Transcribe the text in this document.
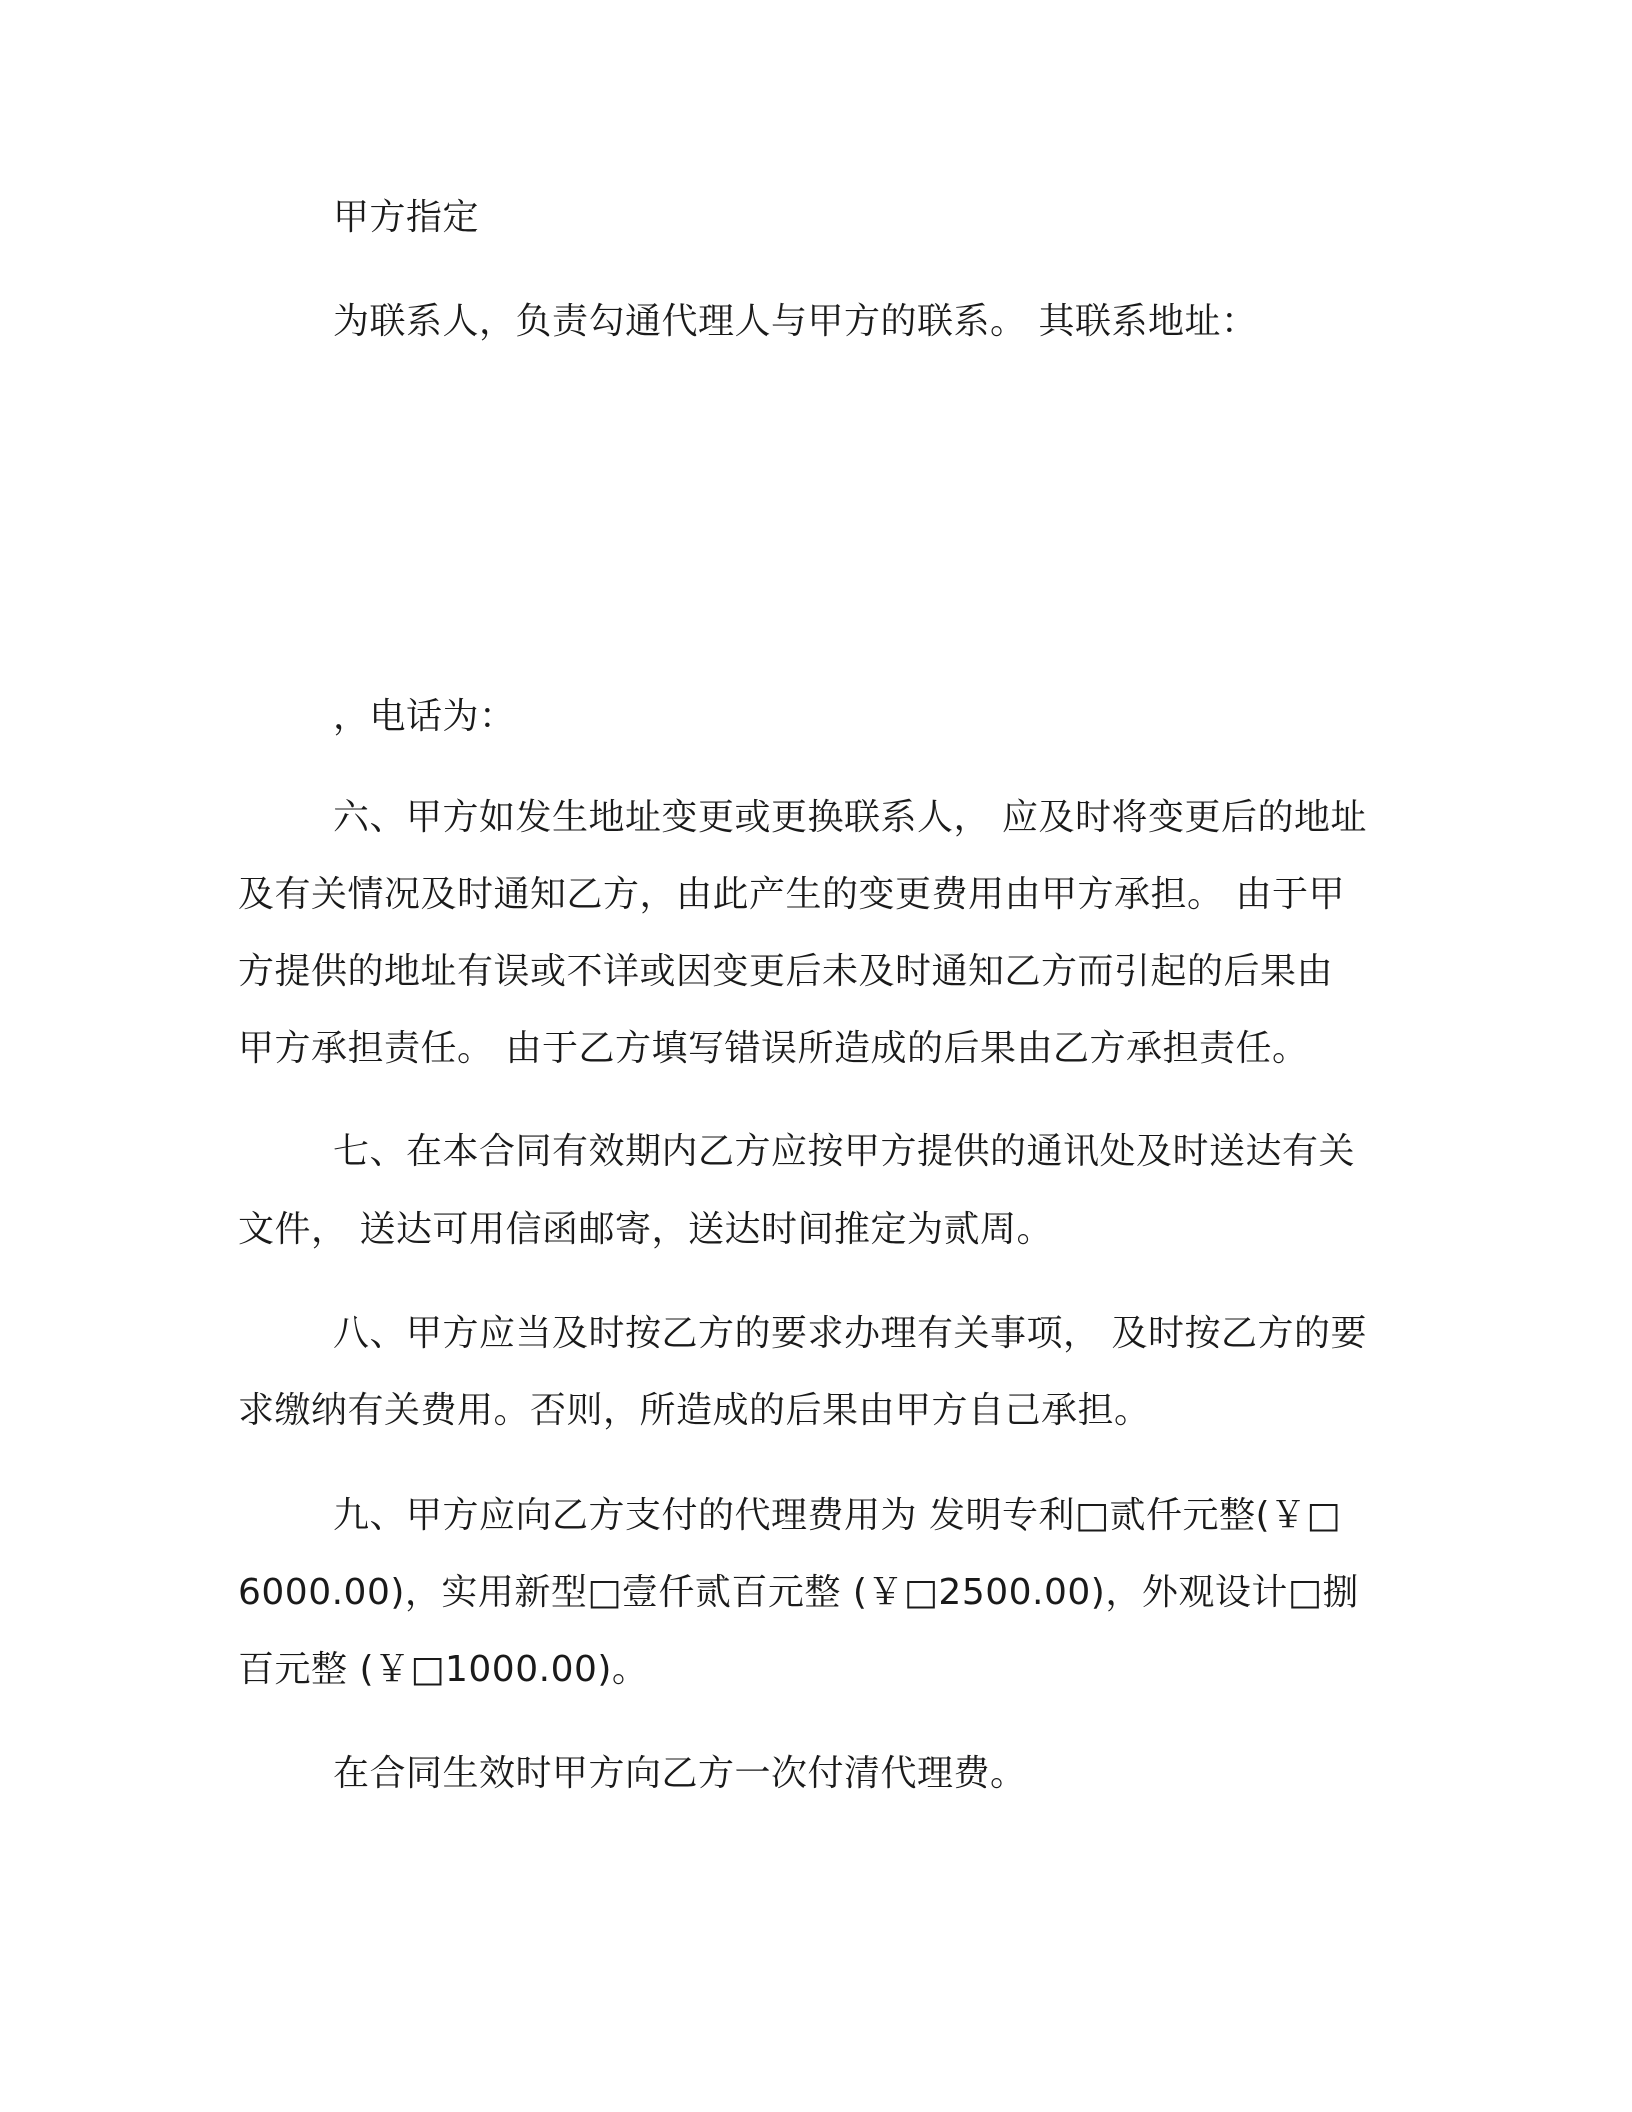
甲方指定
为联系人，负责勾通代理人与甲方的联系。 其联系地址：
，电话为：
六、甲方如发生地址变更或更换联系人， 应及时将变更后的地址
及有关情况及时通知乙方，由此产生的变更费用由甲方承担。 由于甲
方提供的地址有误或不详或因变更后未及时通知乙方而引起的后果由
甲方承担责任。 由于乙方填写错误所造成的后果由乙方承担责任。
七、在本合同有效期内乙方应按甲方提供的通讯处及时送达有关
文件， 送达可用信函邮寄，送达时间推定为贰周。
八、甲方应当及时按乙方的要求办理有关事项， 及时按乙方的要
求缴纳有关费用。否则，所造成的后果由甲方自己承担。
九、甲方应向乙方支付的代理费用为 发明专利□贰仟元整(￥□
6000.00)，实用新型□壹仟贰百元整 (￥□2500.00)，外观设计□捌
百元整 (￥□1000.00)。
在合同生效时甲方向乙方一次付清代理费。
